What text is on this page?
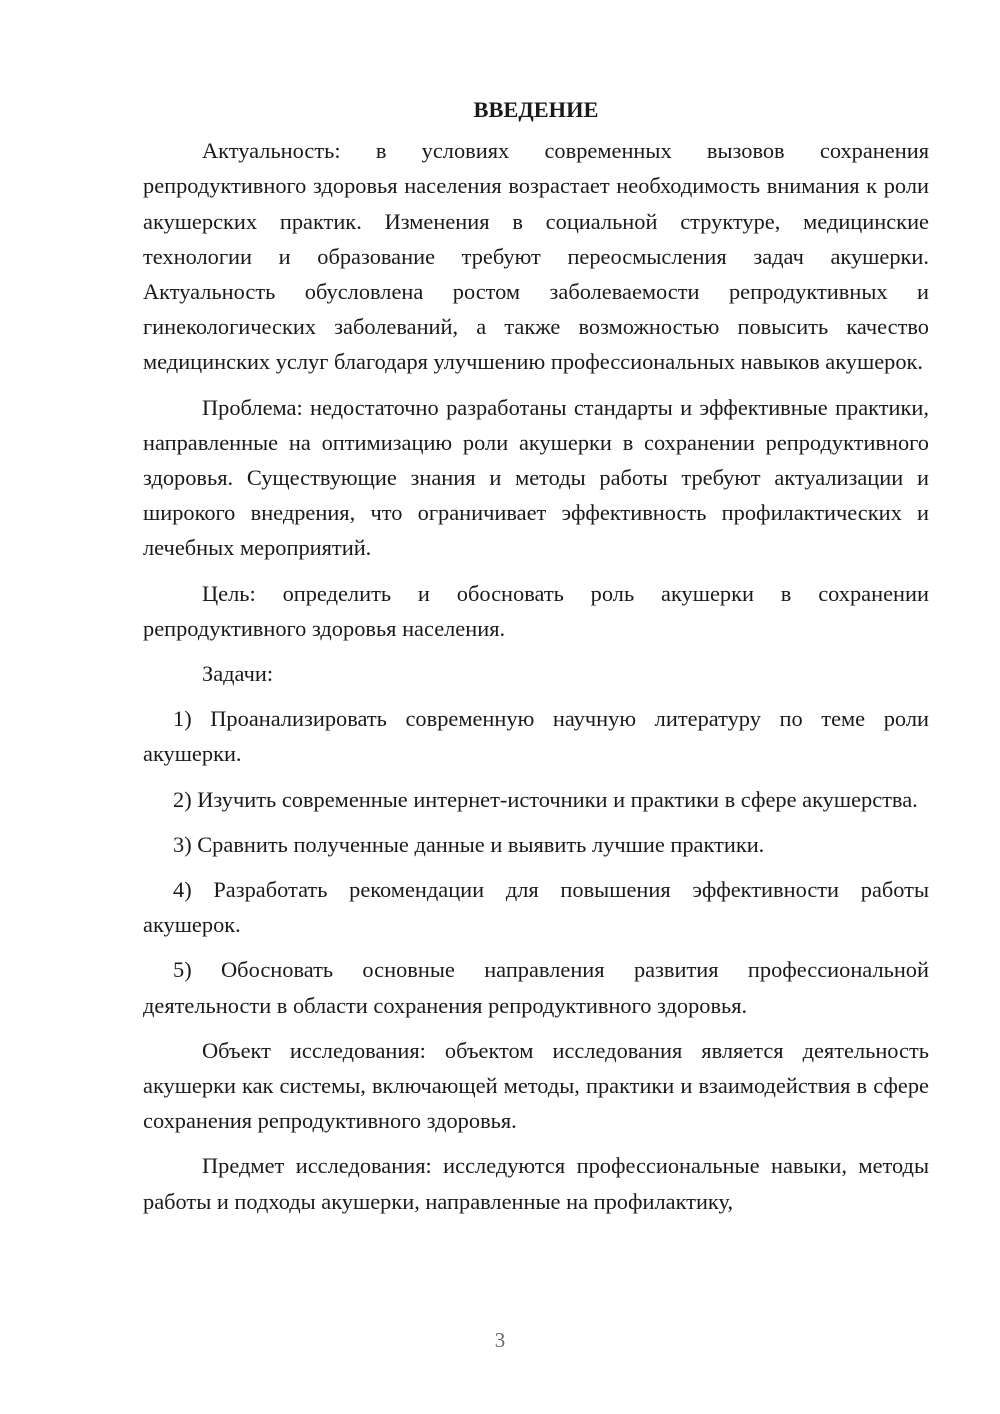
ВВЕДЕНИЕ

Актуальность: в условиях современных вызовов сохранения репродуктивного здоровья населения возрастает необходимость внимания к роли акушерских практик. Изменения в социальной структуре, медицинские технологии и образование требуют переосмысления задач акушерки. Актуальность обусловлена ростом заболеваемости репродуктивных и гинекологических заболеваний, а также возможностью повысить качество медицинских услуг благодаря улучшению профессиональных навыков акушерок.

Проблема: недостаточно разработаны стандарты и эффективные практики, направленные на оптимизацию роли акушерки в сохранении репродуктивного здоровья. Существующие знания и методы работы требуют актуализации и широкого внедрения, что ограничивает эффективность профилактических и лечебных мероприятий.

Цель: определить и обосновать роль акушерки в сохранении репродуктивного здоровья населения.

Задачи:

1) Проанализировать современную научную литературу по теме роли акушерки.

2) Изучить современные интернет-источники и практики в сфере акушерства.

3) Сравнить полученные данные и выявить лучшие практики.

4) Разработать рекомендации для повышения эффективности работы акушерок.

5) Обосновать основные направления развития профессиональной деятельности в области сохранения репродуктивного здоровья.

Объект исследования: объектом исследования является деятельность акушерки как системы, включающей методы, практики и взаимодействия в сфере сохранения репродуктивного здоровья.

Предмет исследования: исследуются профессиональные навыки, методы работы и подходы акушерки, направленные на профилактику,

3
